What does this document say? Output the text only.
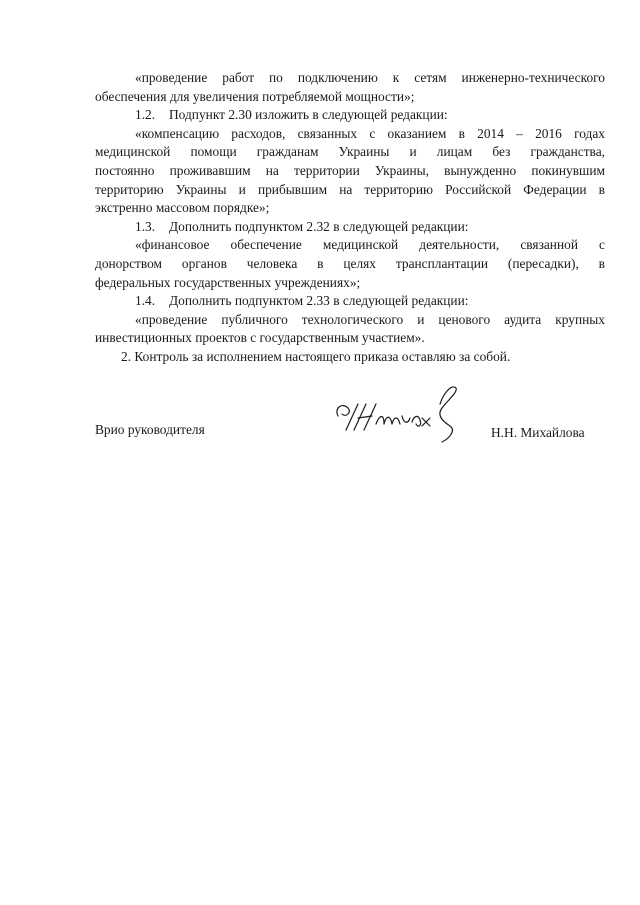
«проведение работ по подключению к сетям инженерно-технического
обеспечения для увеличения потребляемой мощности»;

1.2. Подпункт 2.30 изложить в следующей редакции:

«компенсацию расходов, связанных с оказанием в 2014 – 2016 годах
медицинской помощи гражданам Украины и лицам без гражданства,
постоянно проживавшим на территории Украины, вынужденно покинувшим
территорию Украины и прибывшим на территорию Российской Федерации в
экстренно массовом порядке»;

1.3. Дополнить подпунктом 2.32 в следующей редакции:

«финансовое обеспечение медицинской деятельности, связанной с
донорством органов человека в целях трансплантации (пересадки), в
федеральных государственных учреждениях»;

1.4. Дополнить подпунктом 2.33 в следующей редакции:

«проведение публичного технологического и ценового аудита крупных
инвестиционных проектов с государственным участием».

2. Контроль за исполнением настоящего приказа оставляю за собой.

Врио руководителя	Н.Н. Михайлова
